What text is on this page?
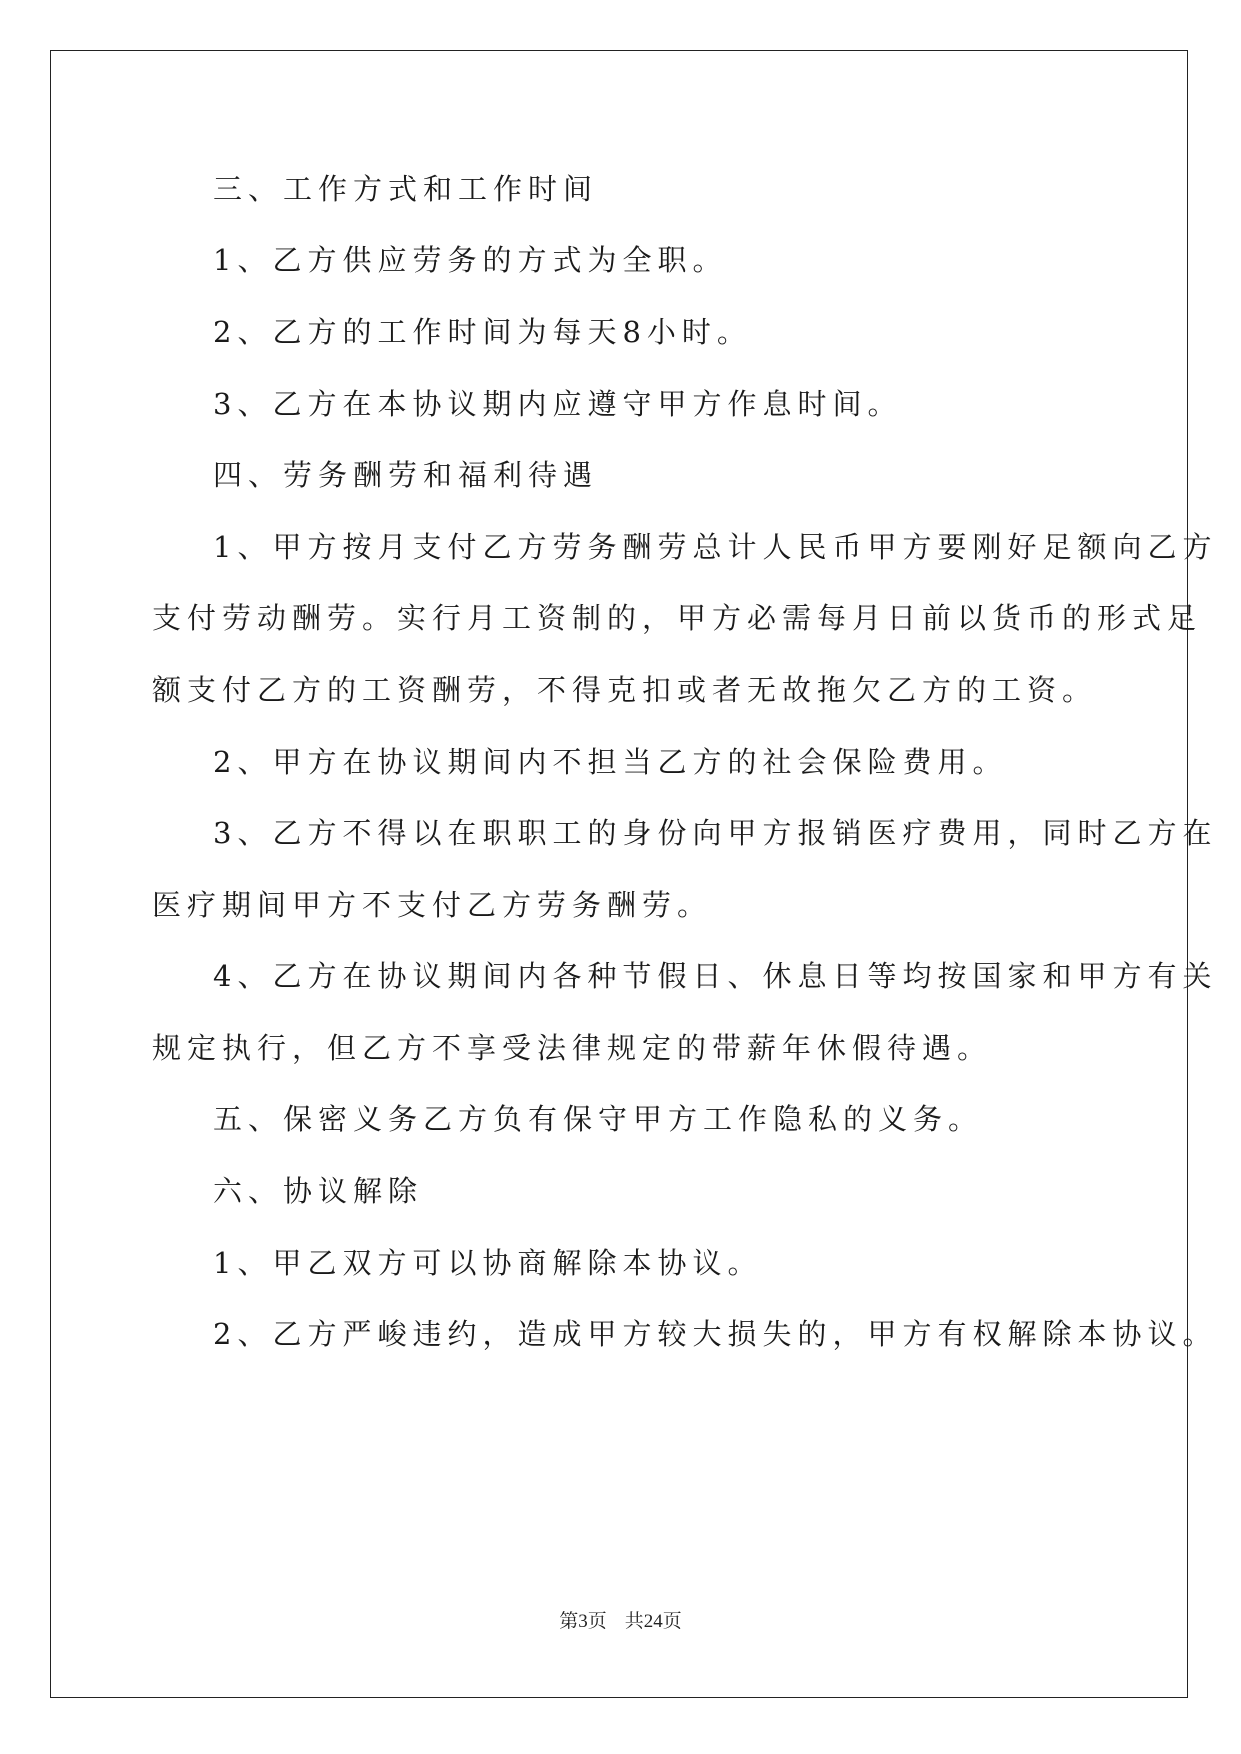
三、工作方式和工作时间
1、乙方供应劳务的方式为全职。
2、乙方的工作时间为每天8小时。
3、乙方在本协议期内应遵守甲方作息时间。
四、劳务酬劳和福利待遇
1、甲方按月支付乙方劳务酬劳总计人民币甲方要刚好足额向乙方
支付劳动酬劳。实行月工资制的，甲方必需每月日前以货币的形式足
额支付乙方的工资酬劳，不得克扣或者无故拖欠乙方的工资。
2、甲方在协议期间内不担当乙方的社会保险费用。
3、乙方不得以在职职工的身份向甲方报销医疗费用，同时乙方在
医疗期间甲方不支付乙方劳务酬劳。
4、乙方在协议期间内各种节假日、休息日等均按国家和甲方有关
规定执行，但乙方不享受法律规定的带薪年休假待遇。
五、保密义务乙方负有保守甲方工作隐私的义务。
六、协议解除
1、甲乙双方可以协商解除本协议。
2、乙方严峻违约，造成甲方较大损失的，甲方有权解除本协议。
第3页 共24页
